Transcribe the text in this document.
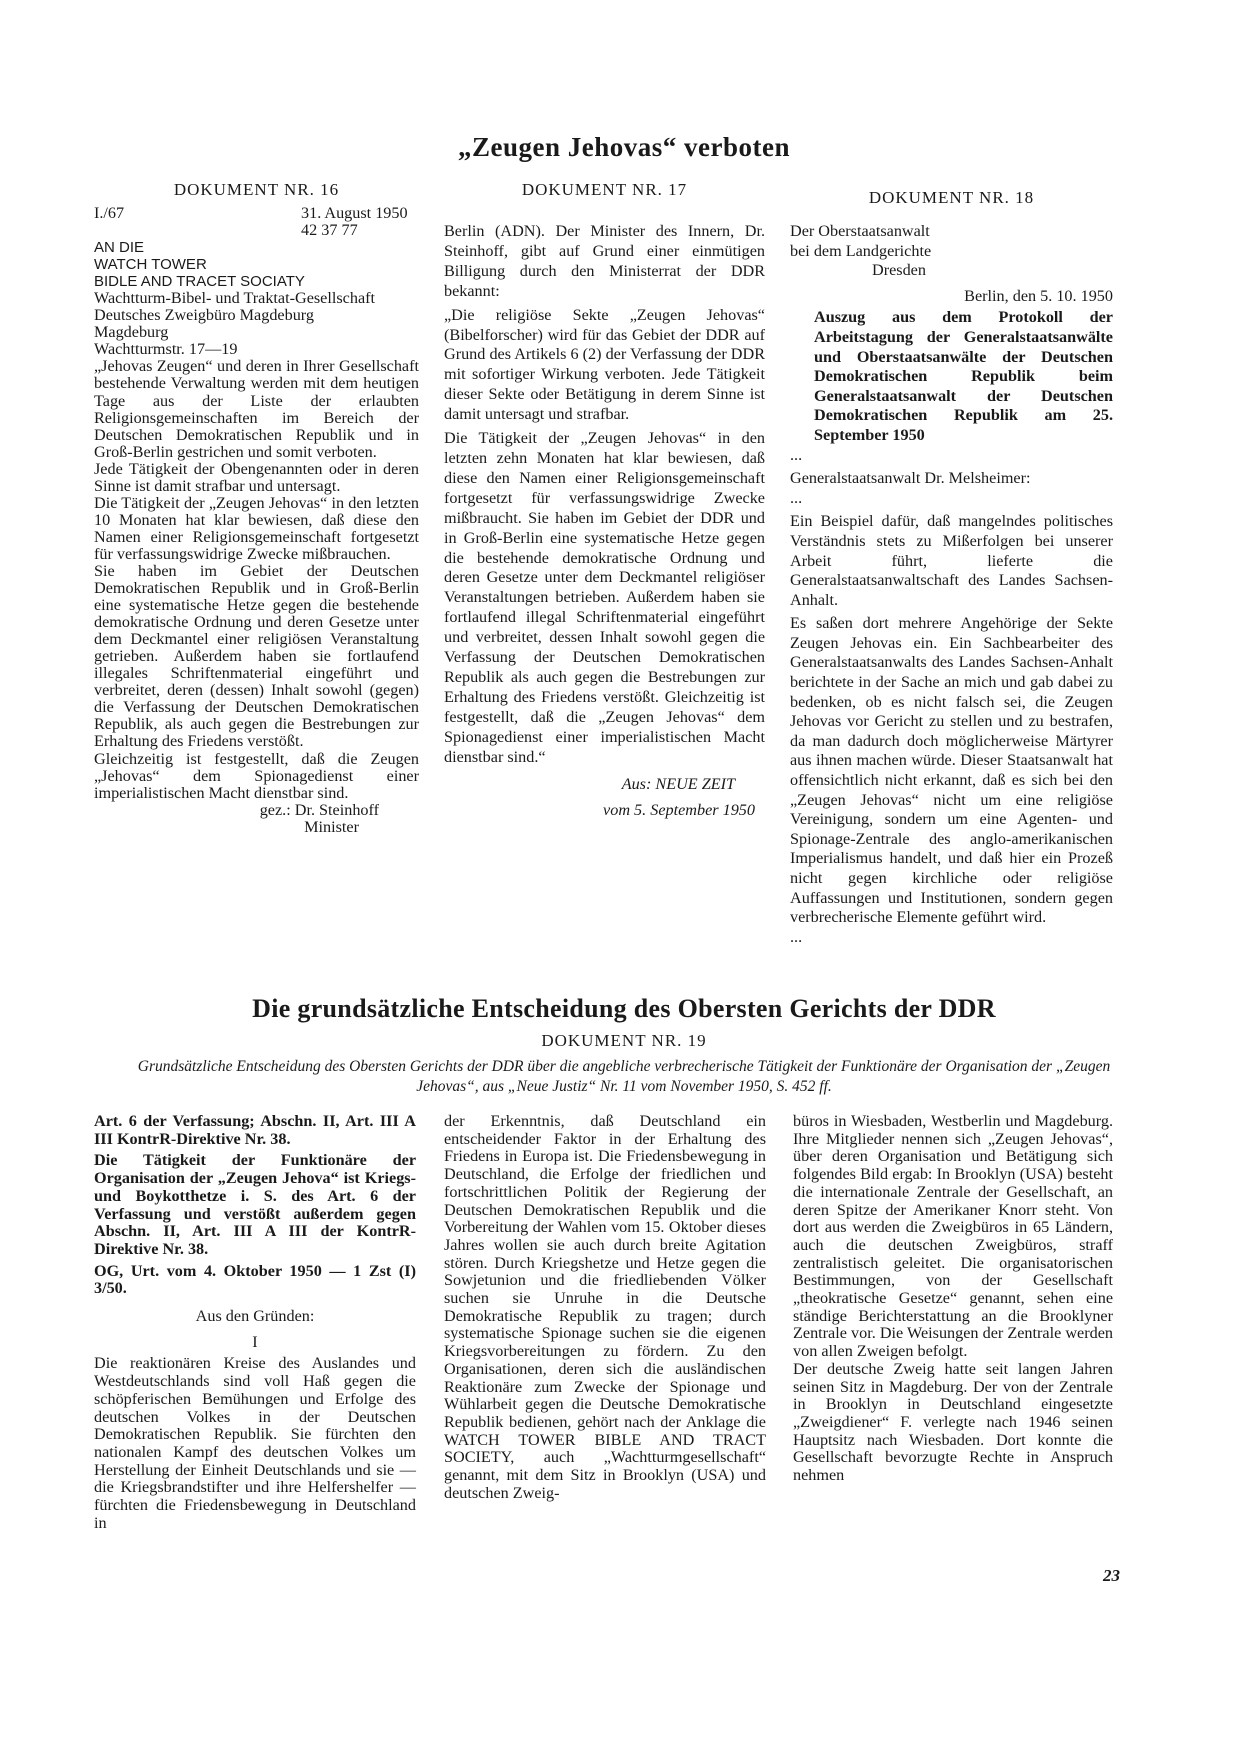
„Zeugen Jehovas“ verboten
DOKUMENT NR. 16
I./67	31. August 1950
42 37 77

AN DIE

WATCH TOWER

BIDLE AND TRACET SOCIATY

Wachtturm-Bibel- und Traktat-Gesellschaft

Deutsches Zweigbüro Magdeburg

Magdeburg

Wachtturmstr. 17—19

„Jehovas Zeugen“ und deren in Ihrer Gesellschaft bestehende Verwaltung werden mit dem heutigen Tage aus der Liste der erlaubten Religionsgemeinschaften im Bereich der Deutschen Demokratischen Republik und in Groß-Berlin gestrichen und somit verboten.

Jede Tätigkeit der Obengenannten oder in deren Sinne ist damit strafbar und untersagt.

Die Tätigkeit der „Zeugen Jehovas“ in den letzten 10 Monaten hat klar bewiesen, daß diese den Namen einer Religionsgemeinschaft fortgesetzt für verfassungswidrige Zwecke mißbrauchen.

Sie haben im Gebiet der Deutschen Demokratischen Republik und in Groß-Berlin eine systematische Hetze gegen die bestehende demokratische Ordnung und deren Gesetze unter dem Deckmantel einer religiösen Veranstaltung getrieben. Außerdem haben sie fortlaufend illegales Schriftenmaterial eingeführt und verbreitet, deren (dessen) Inhalt sowohl (gegen) die Verfassung der Deutschen Demokratischen Republik, als auch gegen die Bestrebungen zur Erhaltung des Friedens verstößt.

Gleichzeitig ist festgestellt, daß die Zeugen „Jehovas“ dem Spionagedienst einer imperialistischen Macht dienstbar sind.

gez.: Dr. Steinhoff

Minister

DOKUMENT NR. 17

Berlin (ADN). Der Minister des Innern, Dr. Steinhoff, gibt auf Grund einer einmütigen Billigung durch den Ministerrat der DDR bekannt:

„Die religiöse Sekte „Zeugen Jehovas“ (Bibelforscher) wird für das Gebiet der DDR auf Grund des Artikels 6 (2) der Verfassung der DDR mit sofortiger Wirkung verboten. Jede Tätigkeit dieser Sekte oder Betätigung in derem Sinne ist damit untersagt und strafbar.

Die Tätigkeit der „Zeugen Jehovas“ in den letzten zehn Monaten hat klar bewiesen, daß diese den Namen einer Religionsgemeinschaft fortgesetzt für verfassungswidrige Zwecke mißbraucht. Sie haben im Gebiet der DDR und in Groß-Berlin eine systematische Hetze gegen die bestehende demokratische Ordnung und deren Gesetze unter dem Deckmantel religiöser Veranstaltungen betrieben. Außerdem haben sie fortlaufend illegal Schriftenmaterial eingeführt und verbreitet, dessen Inhalt sowohl gegen die Verfassung der Deutschen Demokratischen Republik als auch gegen die Bestrebungen zur Erhaltung des Friedens verstößt. Gleichzeitig ist festgestellt, daß die „Zeugen Jehovas“ dem Spionagedienst einer imperialistischen Macht dienstbar sind.“

Aus: NEUE ZEIT

vom 5. September 1950

DOKUMENT NR. 18

Der Oberstaatsanwalt

bei dem Landgerichte

Dresden

Berlin, den 5. 10. 1950

Auszug aus dem Protokoll der Arbeitstagung der Generalstaatsanwälte und Oberstaatsanwälte der Deutschen Demokratischen Republik beim Generalstaatsanwalt der Deutschen Demokratischen Republik am 25. September 1950

...

Generalstaatsanwalt Dr. Melsheimer:

...

Ein Beispiel dafür, daß mangelndes politisches Verständnis stets zu Mißerfolgen bei unserer Arbeit führt, lieferte die Generalstaatsanwaltschaft des Landes Sachsen-Anhalt.

Es saßen dort mehrere Angehörige der Sekte Zeugen Jehovas ein. Ein Sachbearbeiter des Generalstaatsanwalts des Landes Sachsen-Anhalt berichtete in der Sache an mich und gab dabei zu bedenken, ob es nicht falsch sei, die Zeugen Jehovas vor Gericht zu stellen und zu bestrafen, da man dadurch doch möglicherweise Märtyrer aus ihnen machen würde. Dieser Staatsanwalt hat offensichtlich nicht erkannt, daß es sich bei den „Zeugen Jehovas“ nicht um eine religiöse Vereinigung, sondern um eine Agenten- und Spionage-Zentrale des anglo-amerikanischen Imperialismus handelt, und daß hier ein Prozeß nicht gegen kirchliche oder religiöse Auffassungen und Institutionen, sondern gegen verbrecherische Elemente geführt wird.

...

Die grundsätzliche Entscheidung des Obersten Gerichts der DDR
DOKUMENT NR. 19
Grundsätzliche Entscheidung des Obersten Gerichts der DDR über die angebliche verbrecherische Tätigkeit der Funktionäre der Organisation der „Zeugen Jehovas“, aus „Neue Justiz“ Nr. 11 vom November 1950, S. 452 ff.

Art. 6 der Verfassung; Abschn. II, Art. III A III KontrR-Direktive Nr. 38.

Die Tätigkeit der Funktionäre der Organisation der „Zeugen Jehova“ ist Kriegs- und Boykotthetze i. S. des Art. 6 der Verfassung und verstößt außerdem gegen Abschn. II, Art. III A III der KontrR-Direktive Nr. 38.

OG, Urt. vom 4. Oktober 1950 — 1 Zst (I) 3/50.

Aus den Gründen:

I

Die reaktionären Kreise des Auslandes und Westdeutschlands sind voll Haß gegen die schöpferischen Bemühungen und Erfolge des deutschen Volkes in der Deutschen Demokratischen Republik. Sie fürchten den nationalen Kampf des deutschen Volkes um Herstellung der Einheit Deutschlands und sie — die Kriegsbrandstifter und ihre Helfershelfer — fürchten die Friedensbewegung in Deutschland in

der Erkenntnis, daß Deutschland ein entscheidender Faktor in der Erhaltung des Friedens in Europa ist. Die Friedensbewegung in Deutschland, die Erfolge der friedlichen und fortschrittlichen Politik der Regierung der Deutschen Demokratischen Republik und die Vorbereitung der Wahlen vom 15. Oktober dieses Jahres wollen sie auch durch breite Agitation stören. Durch Kriegshetze und Hetze gegen die Sowjetunion und die friedliebenden Völker suchen sie Unruhe in die Deutsche Demokratische Republik zu tragen; durch systematische Spionage suchen sie die eigenen Kriegsvorbereitungen zu fördern. Zu den Organisationen, deren sich die ausländischen Reaktionäre zum Zwecke der Spionage und Wühlarbeit gegen die Deutsche Demokratische Republik bedienen, gehört nach der Anklage die WATCH TOWER BIBLE AND TRACT SOCIETY, auch „Wachtturmgesellschaft“ genannt, mit dem Sitz in Brooklyn (USA) und deutschen Zweig-

büros in Wiesbaden, Westberlin und Magdeburg. Ihre Mitglieder nennen sich „Zeugen Jehovas“, über deren Organisation und Betätigung sich folgendes Bild ergab: In Brooklyn (USA) besteht die internationale Zentrale der Gesellschaft, an deren Spitze der Amerikaner Knorr steht. Von dort aus werden die Zweigbüros in 65 Ländern, auch die deutschen Zweigbüros, straff zentralistisch geleitet. Die organisatorischen Bestimmungen, von der Gesellschaft „theokratische Gesetze“ genannt, sehen eine ständige Berichterstattung an die Brooklyner Zentrale vor. Die Weisungen der Zentrale werden von allen Zweigen befolgt.

Der deutsche Zweig hatte seit langen Jahren seinen Sitz in Magdeburg. Der von der Zentrale in Brooklyn in Deutschland eingesetzte „Zweigdiener“ F. verlegte nach 1946 seinen Hauptsitz nach Wiesbaden. Dort konnte die Gesellschaft bevorzugte Rechte in Anspruch nehmen

23
